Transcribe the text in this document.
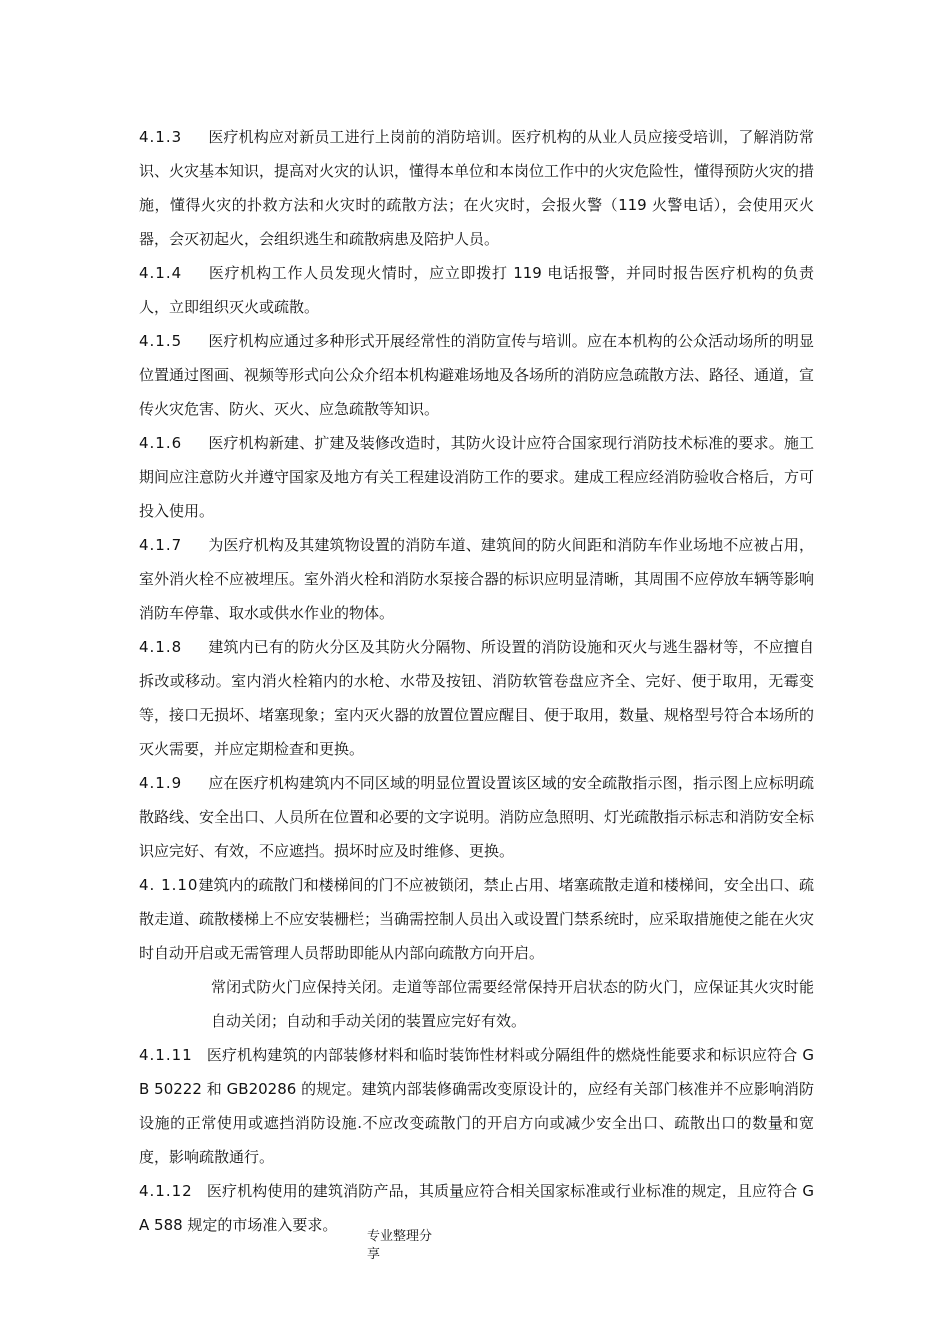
4.1.3 医疗机构应对新员工进行上岗前的消防培训。医疗机构的从业人员应接受培训，了解消防常识、火灾基本知识，提高对火灾的认识，懂得本单位和本岗位工作中的火灾危险性，懂得预防火灾的措施，懂得火灾的扑救方法和火灾时的疏散方法；在火灾时，会报火警（119 火警电话），会使用灭火器，会灭初起火，会组织逃生和疏散病患及陪护人员。

4.1.4 医疗机构工作人员发现火情时，应立即拨打 119 电话报警，并同时报告医疗机构的负责人，立即组织灭火或疏散。

4.1.5 医疗机构应通过多种形式开展经常性的消防宣传与培训。应在本机构的公众活动场所的明显位置通过图画、视频等形式向公众介绍本机构避难场地及各场所的消防应急疏散方法、路径、通道，宣传火灾危害、防火、灭火、应急疏散等知识。

4.1.6 医疗机构新建、扩建及装修改造时，其防火设计应符合国家现行消防技术标准的要求。施工期间应注意防火并遵守国家及地方有关工程建设消防工作的要求。建成工程应经消防验收合格后，方可投入使用。

4.1.7 为医疗机构及其建筑物设置的消防车道、建筑间的防火间距和消防车作业场地不应被占用，室外消火栓不应被埋压。室外消火栓和消防水泵接合器的标识应明显清晰，其周围不应停放车辆等影响消防车停靠、取水或供水作业的物体。

4.1.8 建筑内已有的防火分区及其防火分隔物、所设置的消防设施和灭火与逃生器材等，不应擅自拆改或移动。室内消火栓箱内的水枪、水带及按钮、消防软管卷盘应齐全、完好、便于取用，无霉变等，接口无损坏、堵塞现象；室内灭火器的放置位置应醒目、便于取用，数量、规格型号符合本场所的灭火需要，并应定期检查和更换。

4.1.9 应在医疗机构建筑内不同区域的明显位置设置该区域的安全疏散指示图，指示图上应标明疏散路线、安全出口、人员所在位置和必要的文字说明。消防应急照明、灯光疏散指示标志和消防安全标识应完好、有效，不应遮挡。损坏时应及时维修、更换。

4. 1.10建筑内的疏散门和楼梯间的门不应被锁闭，禁止占用、堵塞疏散走道和楼梯间，安全出口、疏散走道、疏散楼梯上不应安装栅栏；当确需控制人员出入或设置门禁系统时，应采取措施使之能在火灾时自动开启或无需管理人员帮助即能从内部向疏散方向开启。

常闭式防火门应保持关闭。走道等部位需要经常保持开启状态的防火门，应保证其火灾时能自动关闭；自动和手动关闭的装置应完好有效。

4.1.11 医疗机构建筑的内部装修材料和临时装饰性材料或分隔组件的燃烧性能要求和标识应符合 GB 50222 和 GB20286 的规定。建筑内部装修确需改变原设计的，应经有关部门核准并不应影响消防设施的正常使用或遮挡消防设施.不应改变疏散门的开启方向或减少安全出口、疏散出口的数量和宽度，影响疏散通行。

4.1.12 医疗机构使用的建筑消防产品，其质量应符合相关国家标准或行业标准的规定，且应符合 GA 588 规定的市场准入要求。

专业整理分享
